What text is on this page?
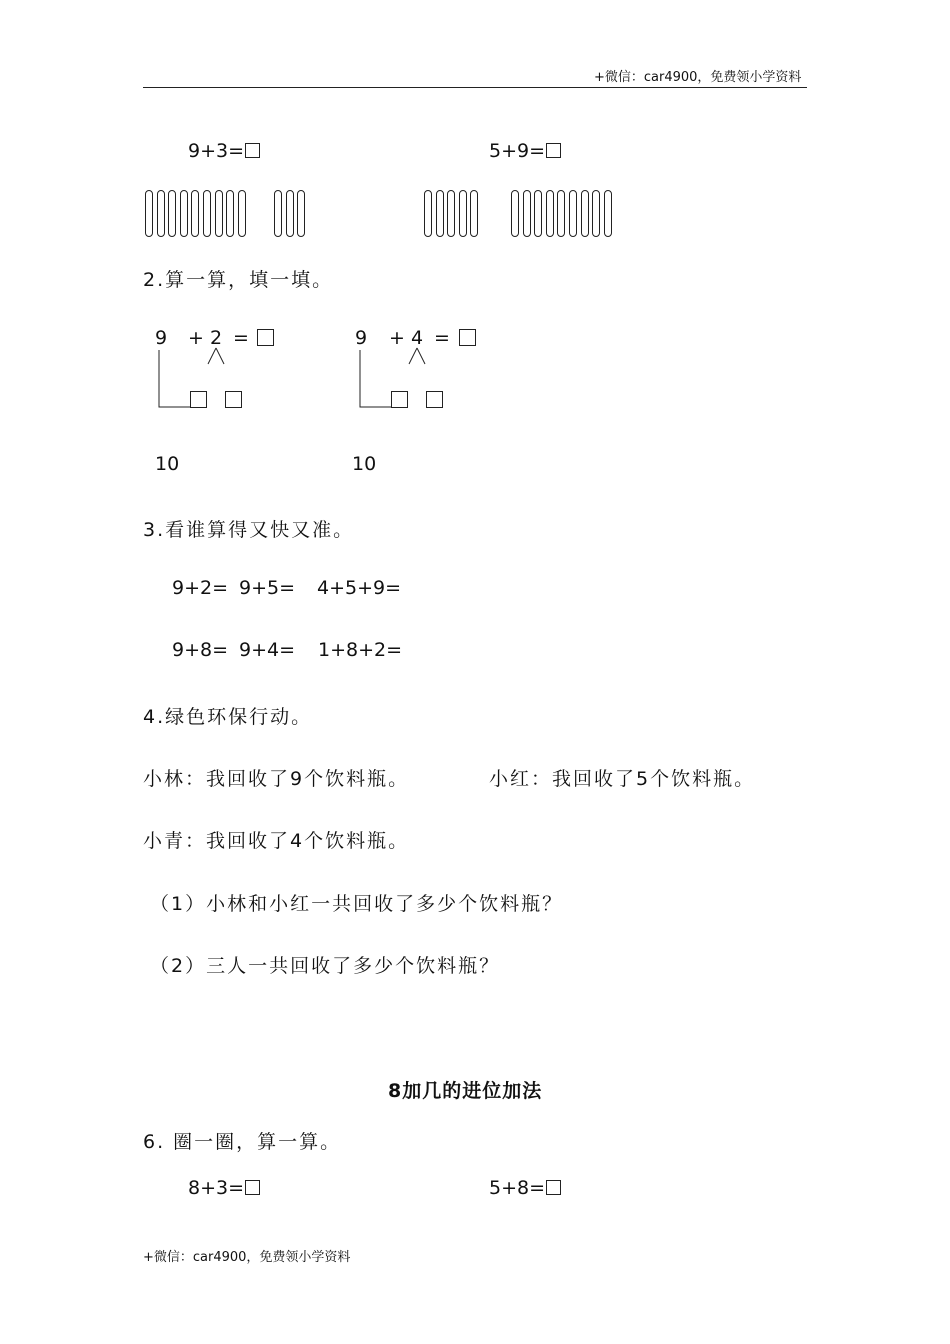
+微信：car4900，免费领小学资料
9+3=	5+9=
2.算一算，填一填。
9 + 2 =
10
9 + 4 =
10
3.看谁算得又快又准。
9+2= 9+5= 4+5+9=
9+8= 9+4= 1+8+2=
4.绿色环保行动。
小林：我回收了9个饮料瓶。	小红：我回收了5个饮料瓶。
小青：我回收了4个饮料瓶。
（1）小林和小红一共回收了多少个饮料瓶？
（2）三人一共回收了多少个饮料瓶？
8加几的进位加法
6. 圈一圈，算一算。
8+3=	5+8=
+微信：car4900，免费领小学资料
